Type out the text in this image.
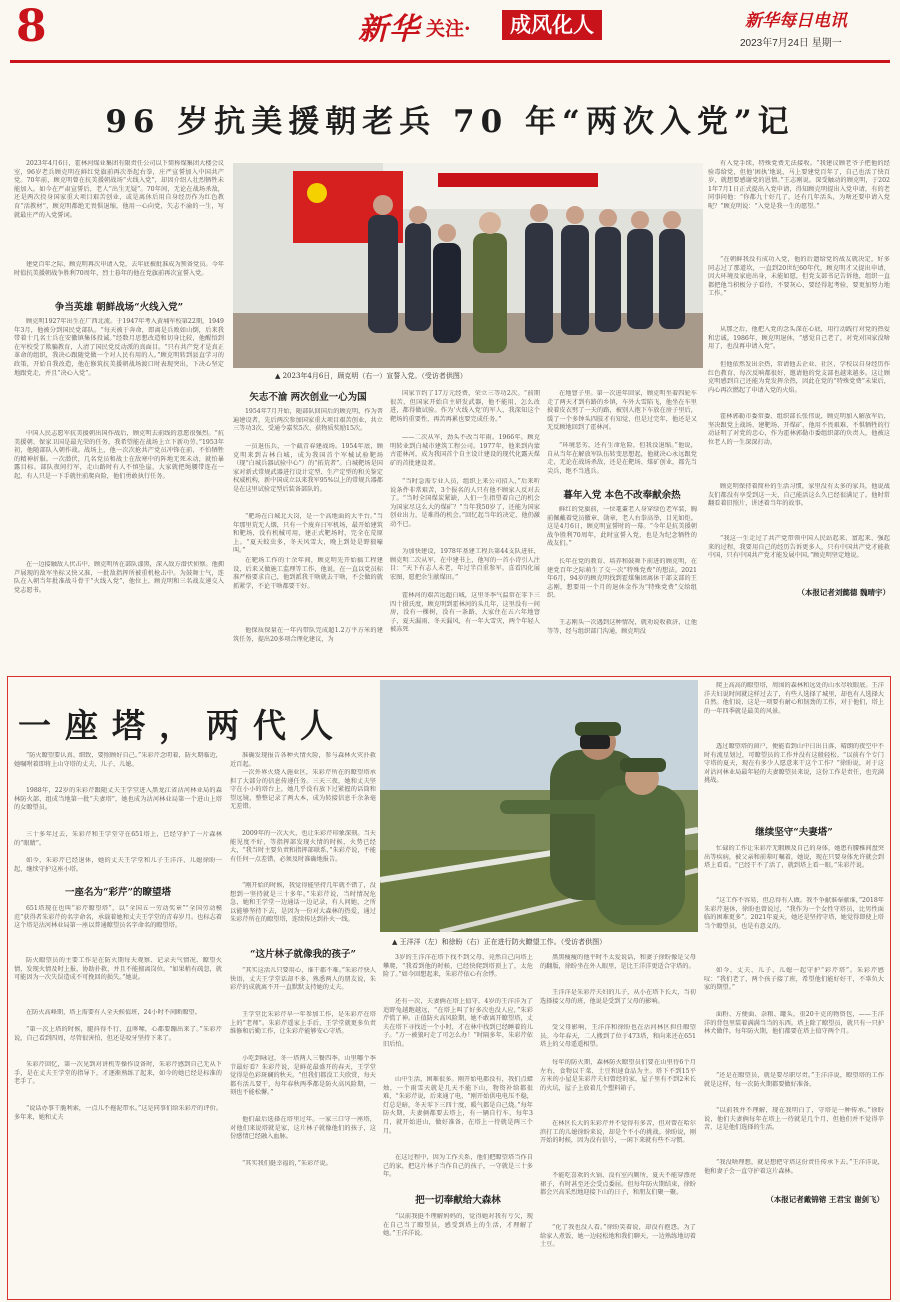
8	新华 关注·	成风化人	新华每日电讯
2023年7月24日 星期一
96 岁抗美援朝老兵 70 年“两次入党”记
2023年4月6日，霍林河煤业集团有限责任公司以下简称煤集团大楼会议室，96岁老兵顾克明在鲜红党旗前再次举起右拳，庄严宣誓加入中国共产党。70年前，顾克明曾在抗美援朝战场“火线入党”，却因介绍人壮烈牺牲未能加入。如今在严肃宣誓后，老人“出生无疑”。70年间，无论在战场杀敌，还是两次投身国家重大项目艰苦创业，或是离休后用自身经历作为红色教育“活教材”，顾克明都绝无畏惧退缩，他用一心向党，矢志不渝的一生，写就最庄严的入党誓词。
建党百年之际，顾克明再次申请入党，去年底被批准成为预备党员。今年时值抗美援朝战争胜利70周年，烈士暮年的他在党旗前再次宣誓入党。
争当英雄 朝鲜战场“火线入党”
顾克明1927年出生在广西北流。于1947年考入黄埔军校第22期，1949年3月，他被分到国民党部队。“每天被于奔命，即离是兵败如山倒，后来我带着十几名士兵在安徽镇集体投诚。”经数月思想改造和切身比较，他醒悟到在军校受了欺骗教育，人清了国民党反动派的真面目。“只有共产党才是真正革命的组织，我决心跟随党做一个对人民有用的人。”顾克明转到县直学习的政策，开始自我改造，他在修筑抗美援朝战场渡口时表现突出，下决心坚定地跟党走，并且“决心入党”。
中国人民志愿军抗美援朝出国作战后，顾克明去前线的意愿很强烈。“抗美援朝、保家卫国是最光荣的任务，我希望能在战场上立下新功劳。”1953年初，他随部队入朝作战。战场上，他一次次抢共产党员冲锋在前、不怕牺牲的精神折服。一次潜伏，几名党员和战士在敌寒中的阵地无死未动，就怕暴露目标。部队夜间行军，走山路时有人不慎坠崖，大家就把绳腰带连在一起，有人只是一下手就往前爬向险，他们勇敢执行任务。
在一边接触敌人伏击中，顾克明所在部队漆黑，深入敌方潜伏侦察。他拥芦展现的敌军坐标又快又准，一批敌指挥所被重机枪击中。为鼓舞士气，连队在入朝当年批准战斗骨干“火线入党”，他位上，顾克明和三名战友递交入党志愿书。
▲ 2023年4月6日，顾克明（右一）宣誓入党。（受访者供图）
矢志不渝 两次创业一心为国
1954年7月开始，随部队回国后的顾克明，作为普遍建设者，先后两次参加国家重大项目艰苦创业，共立三等功3次、受通令嘉奖5次、获物质奖励15次。
一员退伍兵，一个截青春建战场。1954年底，顾克明来到吉林白城，成为我国首个军械试验靶场（现“白城兵器试验中心”）的“拓荒者”。白城靶场是国家对新式常规武器进行设计定型、生产定型的和关鉴定权威机构，新中国成立以来我军95%以上的常规兵器都是在这里试验定型后装备部队的。
“靶场在白城北大岗，是一个高地面的大平台。”当年那里荒无人烟，只有一个废弃日军机场，最开始建筑和靶场，没有机械可用，建正式靶场时，完全在荒原上。“夏天蚊虫多，冬天风雪大，晚上到处是野狼嚎叫。”
在靶场工作的十余年间，顾克明先开始搞工程建设，后来又做施工监理等工作，他说，在一直以党员标准严格要求自己，他到派我干啥就去干啥，不会做的就抓紧学，不论干啥都要干好。
他保质保量在一年内带队完成超1.2万平方米的建筑任务，提出20多项合理化建议，为
国家节约了17万元经费，荣立三等功2次。“前期很苦，但国家开始自主研发武器，他不能用、怎么改进，都得做试验。作为‘火线入党’的军人，我深知这个靶场的重要性，再苦再累也要完成任务。”
——二次从军，劲头不改当年雨。1966年，顾克明转业到白城市建筑工程公司。1977年，他来到内蒙古霍林河，成为我国首个自主设计建设的现代化露天煤矿的首批建设者。
“当时急需专业人员，组织上来公司招人，”后来听说条件非常艰苦，3个报名的人只有他不顾家人反对去了。“当时全国煤炭紧缺，人们一生指望着自己的机会为国家尽这么大的煤矿？”当年我50岁了，还能为国家创业出力，是难得的机会。”回忆起当年的决定，他仍激动不已。
为加快建设，1978年基建工程兵第44支队进驻，顾克明二次从军，在中建书上，他写的一首小诗引人注目：“天下有志人未老，年过半百重参军。喜看四化展宏图，愿把余生献煤田。”
霍林河的艰苦远超白城，这里冬季气温常在零下三四十摄氏度，顾克明到霍林河的头几年，这里没有一间房，没有一棵树，没有一条路，大家住在五六年地窨子，夏天漏雨、冬天漏风，有一年大雪灾，两个年轻人被冻死
在地窨子里。第一次进年回家，顾克明坐着四轮车走了两天才到有路的乡镇，车外大雪陷飞，他坐在车里披着皮衣劈了一天的路，被别人抱下车放在房子里后，缓了一个多钟头四肢才有知觉，但是过完年，他还是又无反顾地回到了霍林河。
“环境恶劣，还有生命危险，但我没退缩。”他说，自从当年在解放军队伍转变思想起，他就决心永远跟党走，无论在战场杀敌，还是在靶场、煤矿创业，都先当尖兵，绝不当逃兵。
暮年入党 本色不改奉献余热
鲜红的党旗前，一位耄耋老人身穿绿色老军装，胸前佩戴着党员徽章、勋章，老人右拳高举，目光如炬。这是4月6日，顾克明宣誓时的一幕。“今年是抗美援朝战争胜利70周年，此时宣誓入党，也是为纪念牺牲的战友们。”
长年在党的教育、培养和鼓舞下前进的顾克明，在建党百年之际萌生了交一次“特殊党费”的想法。2021年6月，94岁的顾克明找到霍煤集团离休干部支部的王志刚，想要用一个月的退休金作为“特殊党费”交给组织。
王志刚头一次遇到这种情况，就劝说收救济，让他等等，经与组织部门沟通，顾克明没
有入党手续，特殊党费无法接收。“我建议顾老爷子把他的经验毒给党，但他‘困执’地说，马上要建党百年了，自己也活了快百岁，就想要感谢党的恩情。”王志刚说。深受触动的顾克明，于2021年7月1日正式提出入党申请，得知顾克明提出入党申请，有的老同事问他：“你都九十好几了，还有几年活头，为啥还要申请入党呢？”顾克明说：“入党是我一生的愿望。”
“在朝鲜我没有成功入党，他的后遗给党的战友就决定，好多同志过了那道坎，一直到20世纪60年代，顾克明才又提出申请，因大环境及家庭出身，未能如愿，但党支部书记告诉他，组织一直都把他当积极分子看待，不要灰心，要经得起考验，要更加努力地工作。”
从那之后，他把入党的念头深在心底，用行动践行对党的热爱和忠诚。1986年，顾克明退休，“感觉自己老了，对党对国家没啥用了，也没再申请入党”。
但他依然发出余热，常请他去企业、社区、学校以自身经历作红色教育，每次反响都很好，邀请他的党支部也越来越多。这让顾克明感到自己还能为党发挥余热，因此在党的“特殊党费”未果后，内心再次燃起了申请入党的火焰。
霍林郭勒市委常委、组织部长张伟说，顾克明加入解放军后，坚决跟党上战场、建靶场、开煤矿，他用不畏艰难、不惧牺牲的行动证明了对党的忠心，作为霍林郭勒市委组织部的负责人，他被这位老人的一生深深打动。
顾克明保持着简朴的生活习惯，家里没有太多的家具，他说战友们都没有享受到这一天，自己能活这么久已经很满足了。他时常翻看着旧照片，讲述着当年的故事。
“我这一生走过了共产党带领中国人民站起来、富起来、强起来的过程，我要用自己的经历告诉更多人，只有中国共产党才能救中国，只有中国共产党才能发展中国。”顾克明坚定地说。
（本报记者刘懿德 魏晴宇）
一座塔，两代人
▲ 王洋洋（左）和徐盼（右）正在进行防火瞭望工作。（受访者供图）
“防火瞭望要认真、细致，要照顾好自己。”朱彩芹念叨着，防火期临近，她嘱咐着即将上山守塔的丈夫、儿子、儿媳。
1988年，22岁的朱彩芹跟随丈夫王学堂进入黑龙江省沾河林业局的森林防火部，组成当地第一批“夫妻塔”，她也成为沾河林业局第一个进山上塔的女瞭望员。
三十多年过去，朱彩芹和王学堂守在651塔上，已经守护了一片森林的“眼睛”。
如今，朱彩芹已经退休，她的丈夫王学堂和儿子王洋洋、儿媳徐盼一起，继续守护这座小塔。
一座名为“彩芹”的瞭望塔
651塔现在也叫“彩芹瞭望塔”，以“全国五一劳动奖章”“全国劳动模范”获得者朱彩芹的名字命名，承载着她和丈夫王学堂的青春岁月。也标志着这个塔是沾河林业局第一座以普通瞭望员名字命名的瞭望塔。
防火瞭望员的主要工作是在防火期每天观察、记录天气情况、瞭望火情，发现火情及时上报，协助扑救，并且不能擅离岗位。“如果稍有疏忽，就可能因为一次失误造成不可挽回的损失。”她说。
在防火高峰期，塔上需要有人全天候值班，24小时不间断瞭望。
“第一次上塔的时候，腿抖得不行，直哆嗦，心都要蹦出来了。”朱彩芹说，自己看到四周，尽管很害怕，但还是咬牙坚持下来了。
朱彩芹回忆，第一次见到对讲机等操作设备时，朱彩芹感到自己无从下手，是在丈夫王学堂的指导下，才逐渐熟练了起来，如今的她已经是标准的老手了。
“说话办事干脆利索，一点儿不拖泥带水。”这是同事们给朱彩芹的评价。多年来，她和丈夫
准确发现报告各种火情火险，参与森林火灾扑救近百起。
一次外界火烧入施业区，朱彩芹所在的瞭望塔承担了大部分的信息传递任务。三天三夜，她和丈夫坚守在小小的塔台上，她几乎没有放下过紧握的话筒和望远镜，整整记录了两大本，成为转接信息千余条毫无差错。
2009年的一次大火，也让朱彩芹印象深刻。当天能见度不好，等指挥部发现火情的时候，火势已经大，“我当时主要负责和指挥部联系，”朱彩芹说，不能有任何一点差错，必须及时准确地报告。
“刚开始的时候，我觉得能坚持几年就不错了，没想到一坚持就是三十多年。”朱彩芹说，当时情况危急，她和王学堂一边通话一边记录，有人问她，之所以能够坚持下去，是因为一份对大森林的热爱，通过朱彩芹所在的瞭望塔，连续传达到扑火一线。
“这片林子就像我的孩子”
“其实这活儿只要用心，谁干都不难。”朱彩芹快人快语，丈夫王学堂话却不多，熟悉两人的朋友说，朱彩芹的成就离不开一直默默支持她的丈夫。
王学堂比朱彩芹早一年参加工作，是朱彩芹在塔上的“老师”。朱彩芹遥家上手后，王学堂就更多负责维修和后勤工作，让朱彩芹能够安心守塔。
小吃到咏冠，冬一塔两人三餐四季，山里哪个季节最好看？朱彩芹说，是鲜花最盛开的春天，王学堂觉得是色彩斑斓的秋天。“但我们都没工夫欣赏，每天都有活儿要干，每年春秋两季都是防火高风险期，一刻也不能松懈。”
他们最后选择在塔里过年。一家三口守一座塔，对他们来说塔就是家，这片林子就像他们的孩子，这份感情已经融入血脉。
“其实我们挺幸福的，”朱彩芹说。
3岁的王洋洋在塔下找不到父母，竟然自己向塔上攀爬，“我看到他的时候，已经快爬到塔顶上了，太危险了。”如今回想起来，朱彩芹依心有余悸。
还有一次，夫妻俩在塔上值守，4岁的王洋洋为了追野兔越跑越远，“在塔上叫了好多次也没人应，”朱彩芹慌了神。正值防火高风险期，她不敢离开瞭望塔，丈夫在塔下寻找近一个小时，才在林中找到已经睡着的儿子。“万一被狼叼走了可怎么办！”时隔多年，朱彩芹依旧后怕。
山中生活，困难很多。刚开始电都没有，我们点蜡烛，一个雨雪天就是几天不能下山，物资补给都很难，“朱彩芹说，后来通了电，“刚开始供电电压不稳，灯总是暗，冬天零下三四十度，暖气都是自己烧。”每年防火期，夫妻俩都要去塔上，有一辆自行车，每年3月，就开始进山，做好准备，在塔上一待就是两三个月。
在这过程中，因为工作关系，他们把瞭望塔当作自己的家，把这片林子当作自己的孩子，一守就是三十多年。
把一切奉献给大森林
“以前我挺不理解妈妈的，觉得她对我有亏欠，现在自己当了瞭望员，感受到塔上的生活，才理解了她。”王洋洋说。
黑黑瘦瘦的他平时不太爱说话，和妻子徐盼像是父母的翻版，徐盼坐在外人眼里，是比王洋洋更适合守塔的。
王洋洋是朱彩芹夫妇的儿子，从小在塔下长大，当初选择接父母的班，他说是受到了父母的影响。
受父母影响，王洋洋和徐盼也在沾河林区担任瞭望员。今年春天，二人搬到了位于473塔，和向来还在651塔上的父母遥遥相望。
每年的防火期，森林防火瞭望员们要在山里待6个月左右，食物以干菜、土豆和速食品为主。塔下不到15平方米的小屋是朱彩芹夫妇曾经的家，屋子里有不到2米长的火坑，屋子上放着几个塑料箱子。
在林区长大的朱彩芹并不觉得有多苦，但对曾在哈尔滨打工的儿媳徐盼来说，却是个不小的挑战。徐盼说，刚开始的时候，因为没有信号，一闲下来就有些不习惯。
不能吃喜欢的火锅、没有室内厕所，夏天不能穿漂亮裙子，有时甚至还会受点委屈。但每年防火期结束，徐盼都会兴高采烈地迎接下山的日子，和朋友们聚一聚。
“化了我也没人看。”徐盼笑着说，却没有抱怨。为了给家人煮饭，她一边轻松地和我们聊天，一边熟练地切着土豆。
爬上高高的瞭望塔，周围的森林和远处的山水尽收眼底。王洋洋夫妇说时间就这样过去了，有些人选择了城里，却也有人选择大自然。他们说，这是一项要有耐心和韧劲的工作，对于他们，塔上的一年四季就是最美的风景。
透过瞭望塔的窗户，便能看到山中日出日落，晴朗的夜空中不时有流星划过，可瞭望员的工作并没有这般轻松。“以前有个专门守塔的夏天，现在有多少人愿意来干这个工作？”徐盼说，对于这对沾河林业局最年轻的夫妻瞭望员来说，这份工作是责任，也充满挑战。
继续坚守“夫妻塔”
忙碌的工作让朱彩芹无暇顾及自己的身体，她患有腰椎间盘突出等疾病，被父亲和前辈叮嘱着，她说，现在只要身体允许就会到塔上看看。“已经干不了活了，就到塔上看一眼。”朱彩芹说。
“这工作不容易，但总得有人做。我不争献谁奉献谁，”2018年朱彩芹退休，徐盼也曾说过，“我作为一个女性守塔员，比男性面临的困难更多”。2021年夏天，她还是坚持守塔，她觉得即使上塔当个瞭望员，也是有意义的。
如今，丈夫、儿子、儿媳一起守护“彩芹塔”。朱彩芹感叹：“我们老了，两个孩子接了班，希望他们能好好干，不辜负大家的期望。”
面粉、方便面、杂粮、罐头，重20千克的物资包，——王洋洋的背包里装着满满当当的东西。塔上除了瞭望员，就只有一只护林犬做伴。每年防火期，他们都要在塔上值守两个月。
“还是在瞭望员，就是要尽职尽责。”王洋洋说，瞭望塔的工作就是这样，每一次防火期都要做好准备。
“以前我并不理解，现在我明白了，守塔是一种传承。”徐盼说，他们夫妻俩每年在塔上一待就是几个月，但他们并不觉得辛苦，这是他们选择的生活。
“我没啥理想，就是想把守塔这份责任传承下去。”王洋洋说，他和妻子会一直守护着这片森林。
（本报记者戴锦镕 王君宝 谢剑飞）
